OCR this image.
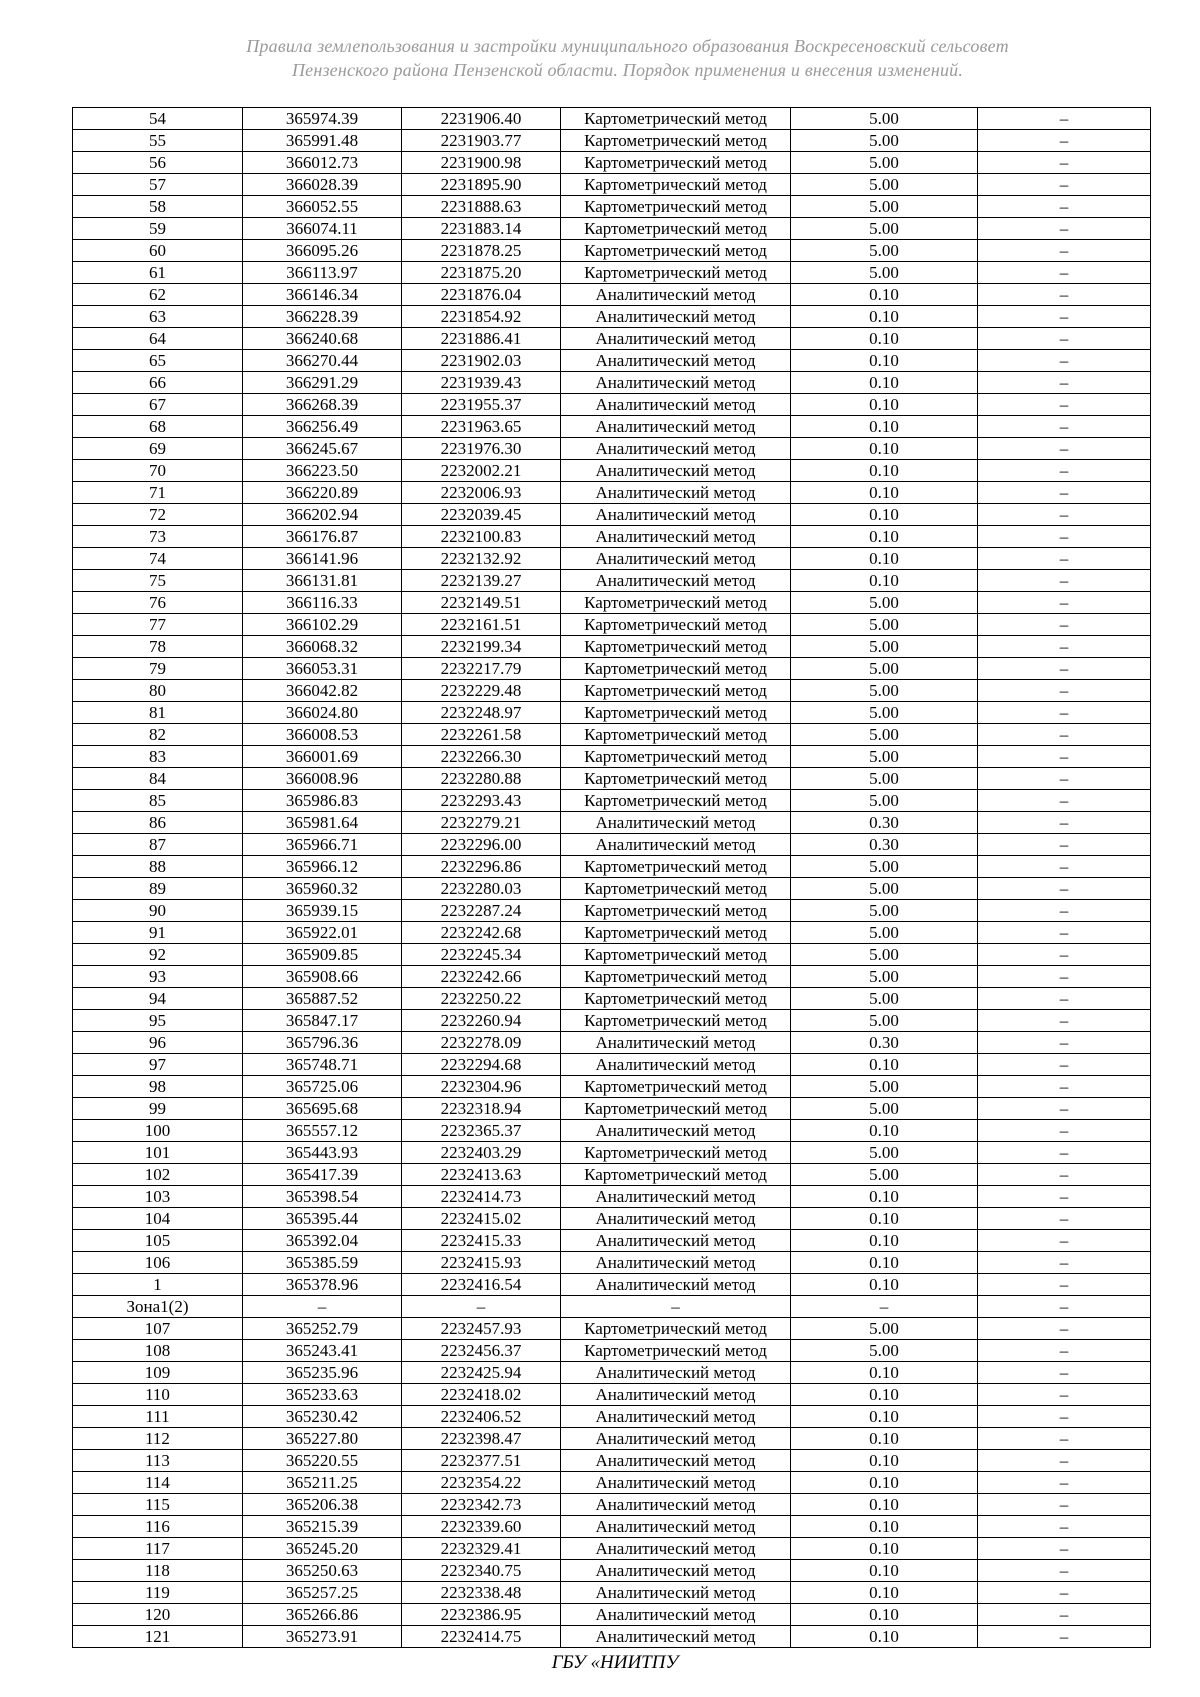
Правила землепользования и застройки муниципального образования Воскресеновский сельсовет
Пензенского района Пензенской области. Порядок применения и внесения изменений.
54	365974.39	2231906.40	Картометрический метод	5.00	–
55	365991.48	2231903.77	Картометрический метод	5.00	–
56	366012.73	2231900.98	Картометрический метод	5.00	–
57	366028.39	2231895.90	Картометрический метод	5.00	–
58	366052.55	2231888.63	Картометрический метод	5.00	–
59	366074.11	2231883.14	Картометрический метод	5.00	–
60	366095.26	2231878.25	Картометрический метод	5.00	–
61	366113.97	2231875.20	Картометрический метод	5.00	–
62	366146.34	2231876.04	Аналитический метод	0.10	–
63	366228.39	2231854.92	Аналитический метод	0.10	–
64	366240.68	2231886.41	Аналитический метод	0.10	–
65	366270.44	2231902.03	Аналитический метод	0.10	–
66	366291.29	2231939.43	Аналитический метод	0.10	–
67	366268.39	2231955.37	Аналитический метод	0.10	–
68	366256.49	2231963.65	Аналитический метод	0.10	–
69	366245.67	2231976.30	Аналитический метод	0.10	–
70	366223.50	2232002.21	Аналитический метод	0.10	–
71	366220.89	2232006.93	Аналитический метод	0.10	–
72	366202.94	2232039.45	Аналитический метод	0.10	–
73	366176.87	2232100.83	Аналитический метод	0.10	–
74	366141.96	2232132.92	Аналитический метод	0.10	–
75	366131.81	2232139.27	Аналитический метод	0.10	–
76	366116.33	2232149.51	Картометрический метод	5.00	–
77	366102.29	2232161.51	Картометрический метод	5.00	–
78	366068.32	2232199.34	Картометрический метод	5.00	–
79	366053.31	2232217.79	Картометрический метод	5.00	–
80	366042.82	2232229.48	Картометрический метод	5.00	–
81	366024.80	2232248.97	Картометрический метод	5.00	–
82	366008.53	2232261.58	Картометрический метод	5.00	–
83	366001.69	2232266.30	Картометрический метод	5.00	–
84	366008.96	2232280.88	Картометрический метод	5.00	–
85	365986.83	2232293.43	Картометрический метод	5.00	–
86	365981.64	2232279.21	Аналитический метод	0.30	–
87	365966.71	2232296.00	Аналитический метод	0.30	–
88	365966.12	2232296.86	Картометрический метод	5.00	–
89	365960.32	2232280.03	Картометрический метод	5.00	–
90	365939.15	2232287.24	Картометрический метод	5.00	–
91	365922.01	2232242.68	Картометрический метод	5.00	–
92	365909.85	2232245.34	Картометрический метод	5.00	–
93	365908.66	2232242.66	Картометрический метод	5.00	–
94	365887.52	2232250.22	Картометрический метод	5.00	–
95	365847.17	2232260.94	Картометрический метод	5.00	–
96	365796.36	2232278.09	Аналитический метод	0.30	–
97	365748.71	2232294.68	Аналитический метод	0.10	–
98	365725.06	2232304.96	Картометрический метод	5.00	–
99	365695.68	2232318.94	Картометрический метод	5.00	–
100	365557.12	2232365.37	Аналитический метод	0.10	–
101	365443.93	2232403.29	Картометрический метод	5.00	–
102	365417.39	2232413.63	Картометрический метод	5.00	–
103	365398.54	2232414.73	Аналитический метод	0.10	–
104	365395.44	2232415.02	Аналитический метод	0.10	–
105	365392.04	2232415.33	Аналитический метод	0.10	–
106	365385.59	2232415.93	Аналитический метод	0.10	–
1	365378.96	2232416.54	Аналитический метод	0.10	–
Зона1(2)	–	–	–	–	–
107	365252.79	2232457.93	Картометрический метод	5.00	–
108	365243.41	2232456.37	Картометрический метод	5.00	–
109	365235.96	2232425.94	Аналитический метод	0.10	–
110	365233.63	2232418.02	Аналитический метод	0.10	–
111	365230.42	2232406.52	Аналитический метод	0.10	–
112	365227.80	2232398.47	Аналитический метод	0.10	–
113	365220.55	2232377.51	Аналитический метод	0.10	–
114	365211.25	2232354.22	Аналитический метод	0.10	–
115	365206.38	2232342.73	Аналитический метод	0.10	–
116	365215.39	2232339.60	Аналитический метод	0.10	–
117	365245.20	2232329.41	Аналитический метод	0.10	–
118	365250.63	2232340.75	Аналитический метод	0.10	–
119	365257.25	2232338.48	Аналитический метод	0.10	–
120	365266.86	2232386.95	Аналитический метод	0.10	–
121	365273.91	2232414.75	Аналитический метод	0.10	–
ГБУ «НИИТПУ
